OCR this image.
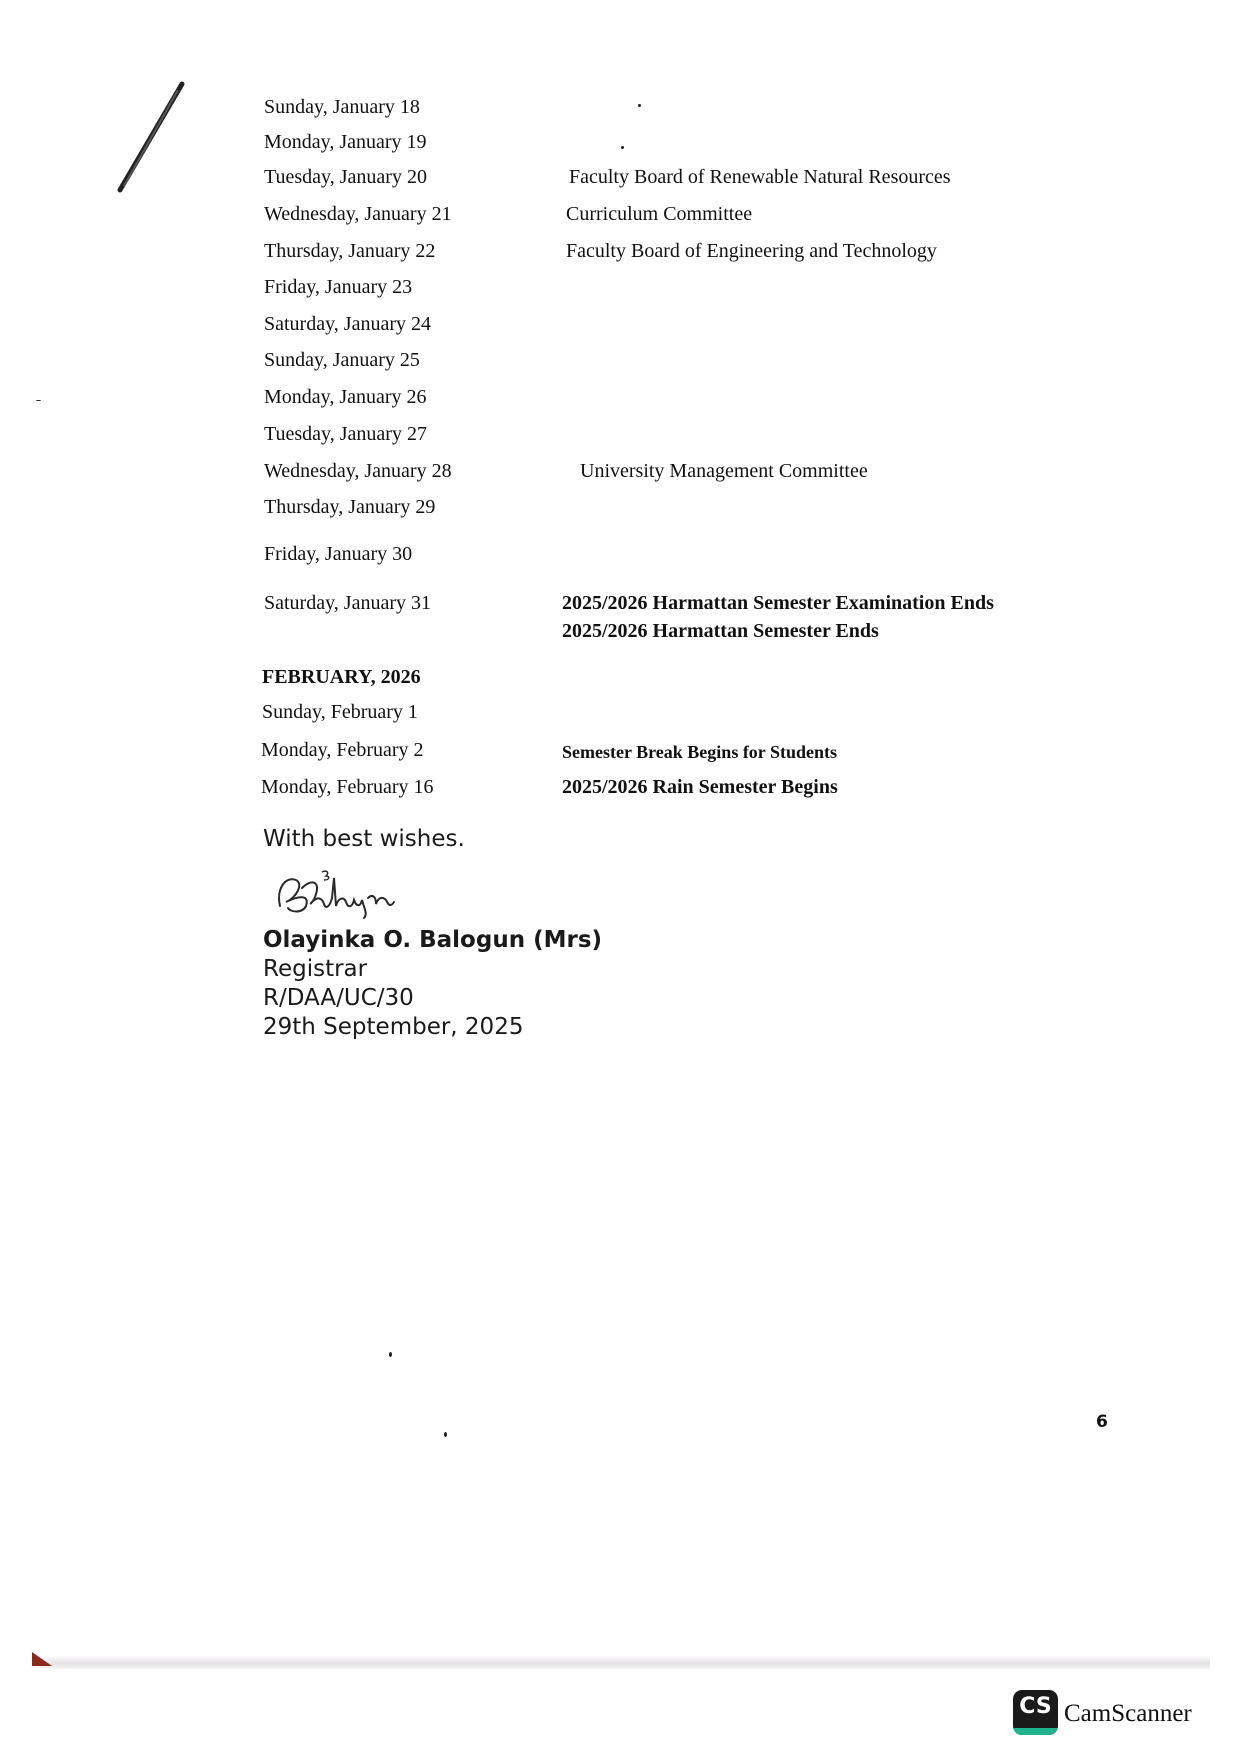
Sunday, January 18
Monday, January 19
Tuesday, January 20	Faculty Board of Renewable Natural Resources
Wednesday, January 21	Curriculum Committee
Thursday, January 22	Faculty Board of Engineering and Technology
Friday, January 23
Saturday, January 24
Sunday, January 25
Monday, January 26
Tuesday, January 27
Wednesday, January 28	University Management Committee
Thursday, January 29
Friday, January 30
Saturday, January 31	2025/2026 Harmattan Semester Examination Ends
2025/2026 Harmattan Semester Ends
FEBRUARY, 2026
Sunday, February 1
Monday, February 2	Semester Break Begins for Students
Monday, February 16	2025/2026 Rain Semester Begins
With best wishes.
Olayinka O. Balogun (Mrs)
Registrar
R/DAA/UC/30
29th September, 2025
6
CS CamScanner
